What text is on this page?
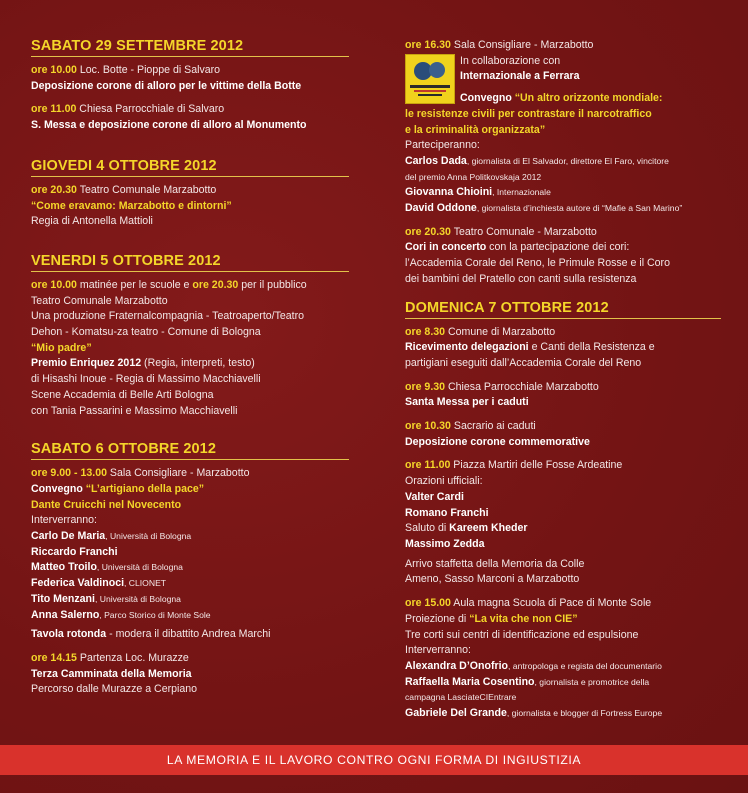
SABATO 29 SETTEMBRE 2012
ore 10.00 Loc. Botte - Pioppe di Salvaro
Deposizione corone di alloro per le vittime della Botte
ore 11.00 Chiesa Parrocchiale di Salvaro
S. Messa e deposizione corone di alloro al Monumento
GIOVEDI 4 OTTOBRE 2012
ore 20.30 Teatro Comunale Marzabotto
“Come eravamo: Marzabotto e dintorni”
Regia di Antonella Mattioli
VENERDI 5 OTTOBRE 2012
ore 10.00 matinée per le scuole e ore 20.30 per il pubblico
Teatro Comunale Marzabotto
Una produzione Fraternalcompagnia - Teatroaperto/Teatro
Dehon - Komatsu-za teatro - Comune di Bologna
“Mio padre”
Premio Enriquez 2012 (Regia, interpreti, testo)
di Hisashi Inoue - Regia di Massimo Macchiavelli
Scene Accademia di Belle Arti Bologna
con Tania Passarini e Massimo Macchiavelli
SABATO 6 OTTOBRE 2012
ore 9.00 - 13.00 Sala Consigliare - Marzabotto
Convegno “L’artigiano della pace”
Dante Cruicchi nel Novecento
Interverranno:
Carlo De Maria, Università di Bologna
Riccardo Franchi
Matteo Troilo, Università di Bologna
Federica Valdinoci, CLIONET
Tito Menzani, Università di Bologna
Anna Salerno, Parco Storico di Monte Sole
Tavola rotonda - modera il dibattito Andrea Marchi
ore 14.15 Partenza Loc. Murazze
Terza Camminata della Memoria
Percorso dalle Murazze a Cerpiano
ore 16.30 Sala Consigliare - Marzabotto
In collaborazione con
Internazionale a Ferrara
Convegno “Un altro orizzonte mondiale:
le resistenze civili per contrastare il narcotraffico
e la criminalità organizzata”
Parteciperanno:
Carlos Dada, giornalista di El Salvador, direttore El Faro, vincitore
del premio Anna Politkovskaja 2012
Giovanna Chioini, Internazionale
David Oddone, giornalista d’inchiesta autore di “Mafie a San Marino”
ore 20.30 Teatro Comunale - Marzabotto
Cori in concerto con la partecipazione dei cori:
l’Accademia Corale del Reno, le Primule Rosse e il Coro
dei bambini del Pratello con canti sulla resistenza
DOMENICA 7 OTTOBRE 2012
ore 8.30 Comune di Marzabotto
Ricevimento delegazioni e Canti della Resistenza e
partigiani eseguiti dall’Accademia Corale del Reno
ore 9.30 Chiesa Parrocchiale Marzabotto
Santa Messa per i caduti
ore 10.30 Sacrario ai caduti
Deposizione corone commemorative
ore 11.00 Piazza Martiri delle Fosse Ardeatine
Orazioni ufficiali:
Valter Cardi
Romano Franchi
Saluto di Kareem Kheder
Massimo Zedda
Arrivo staffetta della Memoria da Colle
Ameno, Sasso Marconi a Marzabotto
ore 15.00 Aula magna Scuola di Pace di Monte Sole
Proiezione di “La vita che non CIE”
Tre corti sui centri di identificazione ed espulsione
Interverranno:
Alexandra D’Onofrio, antropologa e regista del documentario
Raffaella Maria Cosentino, giornalista e promotrice della
campagna LasciateCIEntrare
Gabriele Del Grande, giornalista e blogger di Fortress Europe
LA MEMORIA E IL LAVORO CONTRO OGNI FORMA DI INGIUSTIZIA
